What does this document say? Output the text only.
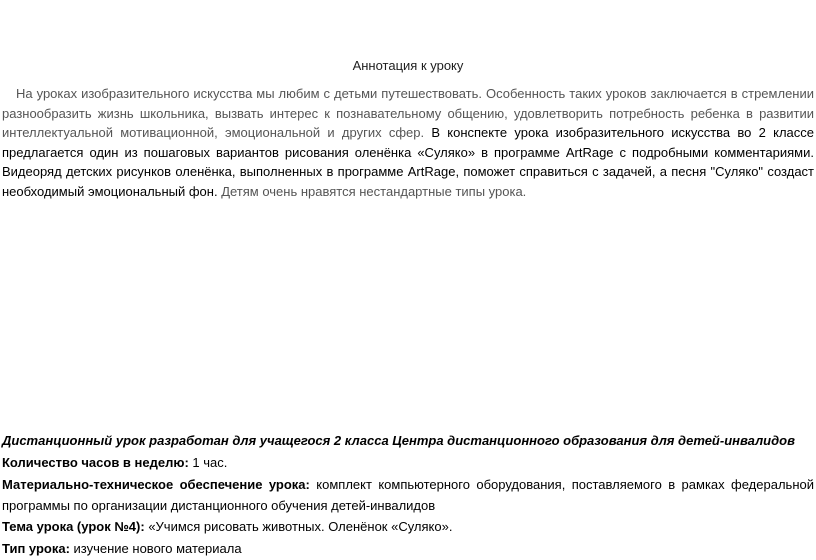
Аннотация к уроку

На уроках изобразительного искусства мы любим с детьми путешествовать. Особенность таких уроков заключается в стремлении разнообразить жизнь школьника, вызвать интерес к познавательному общению, удовлетворить потребность ребенка в развитии интеллектуальной мотивационной, эмоциональной и других сфер. В конспекте урока изобразительного искусства во 2 классе предлагается один из пошаговых вариантов рисования оленёнка «Суляко» в программе ArtRage с подробными комментариями. Видеоряд детских рисунков оленёнка, выполненных в программе ArtRage, поможет справиться с задачей, а песня "Суляко" создаст необходимый эмоциональный фон. Детям очень нравятся нестандартные типы урока.

Дистанционный урок разработан для учащегося 2 класса Центра дистанционного образования для детей-инвалидов

Количество часов в неделю: 1 час.

Материально-техническое обеспечение урока: комплект компьютерного оборудования, поставляемого в рамках федеральной программы по организации дистанционного обучения детей-инвалидов

Тема урока (урок №4): «Учимся рисовать животных. Оленёнок «Суляко».

Тип урока: изучение нового материала
